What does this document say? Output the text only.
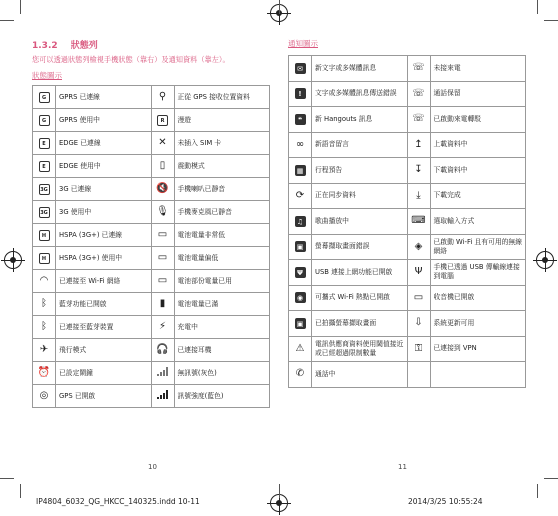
1.3.2 狀態列
您可以透過狀態列檢視手機狀態（靠右）及通知資料（靠左）。
狀態圖示
G	GPRS 已連線	⚲	正從 GPS 接收位置資料
G	GPRS 使用中	R	漫遊
E	EDGE 已連線	✕	未插入 SIM 卡
E	EDGE 使用中	▯	震動模式
3G	3G 已連線	🔇	手機喇叭已靜音
3G	3G 使用中	🎙	手機麥克風已靜音
H	HSPA (3G+) 已連線	▭	電池電量非常低
H	HSPA (3G+) 使用中	▭	電池電量偏低
◠	已連接至 Wi-Fi 網絡	▭	電池部份電量已用
ᛒ	藍芽功能已開啟	▮	電池電量已滿
ᛒ	已連接至藍芽裝置	⚡	充電中
✈	飛行模式	🎧	已連接耳機
⏰	已設定鬧鐘		無訊號(灰色)
◎	GPS 已開啟		訊號強度(藍色)
10
通知圖示
✉	新文字或多媒體訊息	☏	未接來電
!	文字或多媒體訊息傳送錯誤	☏	通話保留
❝	新 Hangouts 訊息	☏	已啟動來電轉駁
∞	新語音留言	↥	上載資料中
▦	行程預告	↧	下載資料中
⟳	正在同步資料	⤓	下載完成
♫	歌曲播放中	⌨	選取輸入方式
▣	螢幕擷取畫面錯誤	◈	已啟動 Wi-Fi 且有可用的無線網絡
Ψ	USB 連接上網功能已開啟	Ψ	手機已透過 USB 傳輸線連接到電腦
◉	可攜式 Wi-Fi 熱點已開啟	▭	收音機已開啟
▣	已拍攝螢幕擷取畫面	⇩	系統更新可用
⚠	電訊供應商資料使用閾值接近或已經超過限制數量	⚿	已連接到 VPN
✆	通話中		
11
IP4804_6032_QG_HKCC_140325.indd 10-11	2014/3/25 10:55:24
